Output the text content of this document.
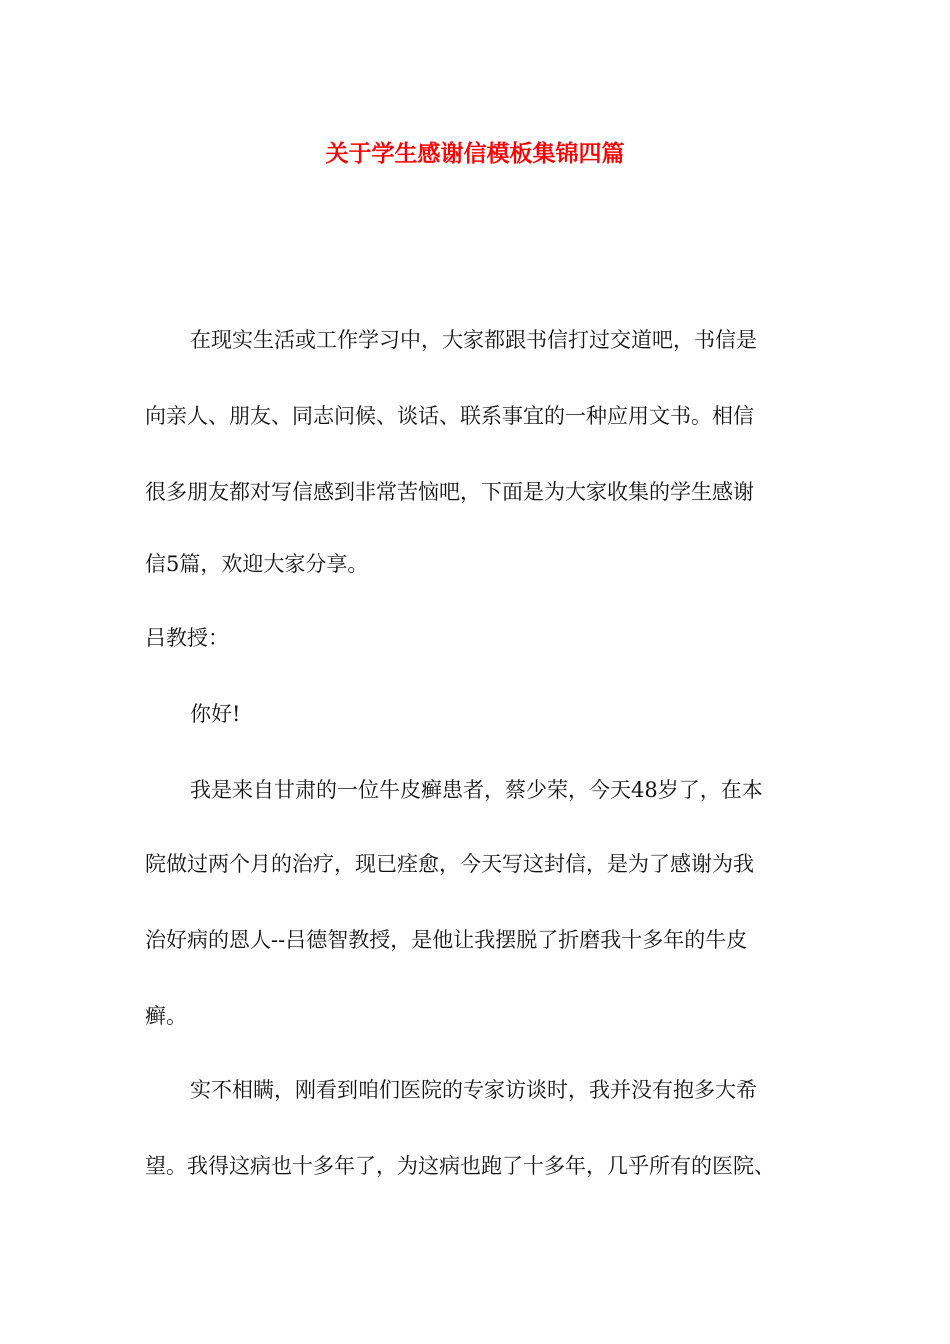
关于学生感谢信模板集锦四篇

在现实生活或工作学习中，大家都跟书信打过交道吧，书信是

向亲人、朋友、同志问候、谈话、联系事宜的一种应用文书。相信

很多朋友都对写信感到非常苦恼吧，下面是为大家收集的学生感谢

信5篇，欢迎大家分享。

吕教授：

你好!

我是来自甘肃的一位牛皮癣患者，蔡少荣，今天48岁了，在本

院做过两个月的治疗，现已痊愈，今天写这封信，是为了感谢为我

治好病的恩人--吕德智教授，是他让我摆脱了折磨我十多年的牛皮

癣。

实不相瞒，刚看到咱们医院的专家访谈时，我并没有抱多大希

望。我得这病也十多年了，为这病也跑了十多年，几乎所有的医院、
